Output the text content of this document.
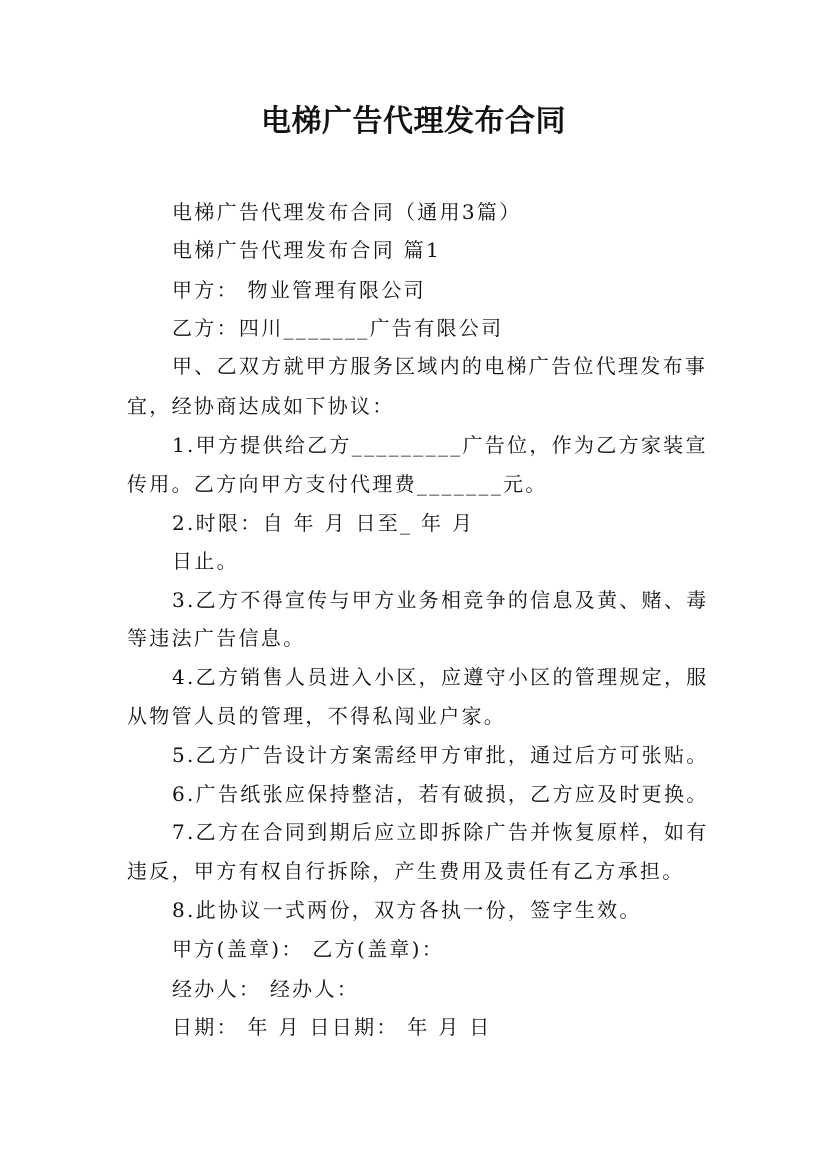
电梯广告代理发布合同
电梯广告代理发布合同（通用3篇）
电梯广告代理发布合同 篇1
甲方： 物业管理有限公司
乙方：四川_______广告有限公司
甲、乙双方就甲方服务区域内的电梯广告位代理发布事
宜，经协商达成如下协议：
1.甲方提供给乙方_________广告位，作为乙方家装宣
传用。乙方向甲方支付代理费_______元。
2.时限：自 年 月 日至_ 年 月
日止。
3.乙方不得宣传与甲方业务相竞争的信息及黄、赌、毒
等违法广告信息。
4.乙方销售人员进入小区，应遵守小区的管理规定，服
从物管人员的管理，不得私闯业户家。
5.乙方广告设计方案需经甲方审批，通过后方可张贴。
6.广告纸张应保持整洁，若有破损，乙方应及时更换。
7.乙方在合同到期后应立即拆除广告并恢复原样，如有
违反，甲方有权自行拆除，产生费用及责任有乙方承担。
8.此协议一式两份，双方各执一份，签字生效。
甲方(盖章)： 乙方(盖章)：
经办人： 经办人：
日期： 年 月 日日期： 年 月 日
